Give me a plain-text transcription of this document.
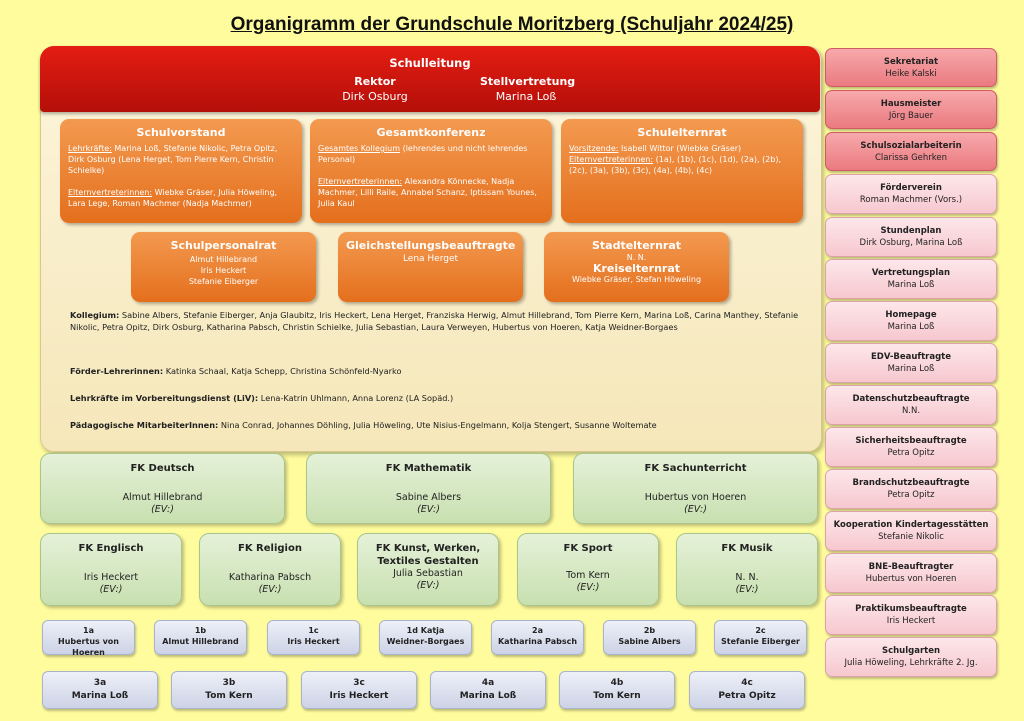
Organigramm der Grundschule Moritzberg (Schuljahr 2024/25)
Schulleitung
Rektor
Dirk Osburg
Stellvertretung
Marina Loß
Schulvorstand

Lehrkräfte: Marina Loß, Stefanie Nikolic, Petra Opitz, Dirk Osburg (Lena Herget, Tom Pierre Kern, Christin Schielke)

Elternvertreterinnen: Wiebke Gräser, Julia Höweling, Lara Lege, Roman Machmer (Nadja Machmer)

Gesamtkonferenz

Gesamtes Kollegium (lehrendes und nicht lehrendes Personal)

Elternvertreterinnen: Alexandra Könnecke, Nadja Machmer, Lilli Raile, Annabel Schanz, Iptissam Younes, Julia Kaul

Schulelternrat

Vorsitzende: Isabell Wittor (Wiebke Gräser)

Elternvertreterinnen: (1a), (1b), (1c), (1d), (2a), (2b), (2c), (3a), (3b), (3c), (4a), (4b), (4c)

Schulpersonalrat

Almut Hillebrand

Iris Heckert

Stefanie Eiberger

Gleichstellungsbeauftragte

Lena Herget

Stadtelternrat

N. N.

Kreiselternrat

Wiebke Gräser, Stefan Höweling

Kollegium: Sabine Albers, Stefanie Eiberger, Anja Glaubitz, Iris Heckert, Lena Herget, Franziska Herwig, Almut Hillebrand, Tom Pierre Kern, Marina Loß, Carina Manthey, Stefanie Nikolic, Petra Opitz, Dirk Osburg, Katharina Pabsch, Christin Schielke, Julia Sebastian, Laura Verweyen, Hubertus von Hoeren, Katja Weidner-Borgaes
Förder-Lehrerinnen: Katinka Schaal, Katja Schepp, Christina Schönfeld-Nyarko
Lehrkräfte im Vorbereitungsdienst (LiV): Lena-Katrin Uhlmann, Anna Lorenz (LA Sopäd.)
Pädagogische MitarbeiterInnen: Nina Conrad, Johannes Döhling, Julia Höweling, Ute Nisius-Engelmann, Kolja Stengert, Susanne Woltemate
FK Deutsch
Almut Hillebrand
(EV:)
FK Mathematik
Sabine Albers
(EV:)
FK Sachunterricht
Hubertus von Hoeren
(EV:)
FK Englisch
Iris Heckert
(EV:)
FK Religion
Katharina Pabsch
(EV:)
FK Kunst, Werken, Textiles Gestalten
Julia Sebastian
(EV:)
FK Sport
Tom Kern
(EV:)
FK Musik
N. N.
(EV:)
1a
Hubertus von Hoeren
1b
Almut Hillebrand
1c
Iris Heckert
1d Katja
Weidner-Borgaes
2a
Katharina Pabsch
2b
Sabine Albers
2c
Stefanie Eiberger
3a
Marina Loß
3b
Tom Kern
3c
Iris Heckert
4a
Marina Loß
4b
Tom Kern
4c
Petra Opitz
Sekretariat
Heike Kalski
Hausmeister
Jörg Bauer
Schulsozialarbeiterin
Clarissa Gehrken
Förderverein
Roman Machmer (Vors.)
Stundenplan
Dirk Osburg, Marina Loß
Vertretungsplan
Marina Loß
Homepage
Marina Loß
EDV-Beauftragte
Marina Loß
Datenschutzbeauftragte
N.N.
Sicherheitsbeauftragte
Petra Opitz
Brandschutzbeauftragte
Petra Opitz
Kooperation Kindertagesstätten
Stefanie Nikolic
BNE-Beauftragter
Hubertus von Hoeren
Praktikumsbeauftragte
Iris Heckert
Schulgarten
Julia Höweling, Lehrkräfte 2. Jg.
